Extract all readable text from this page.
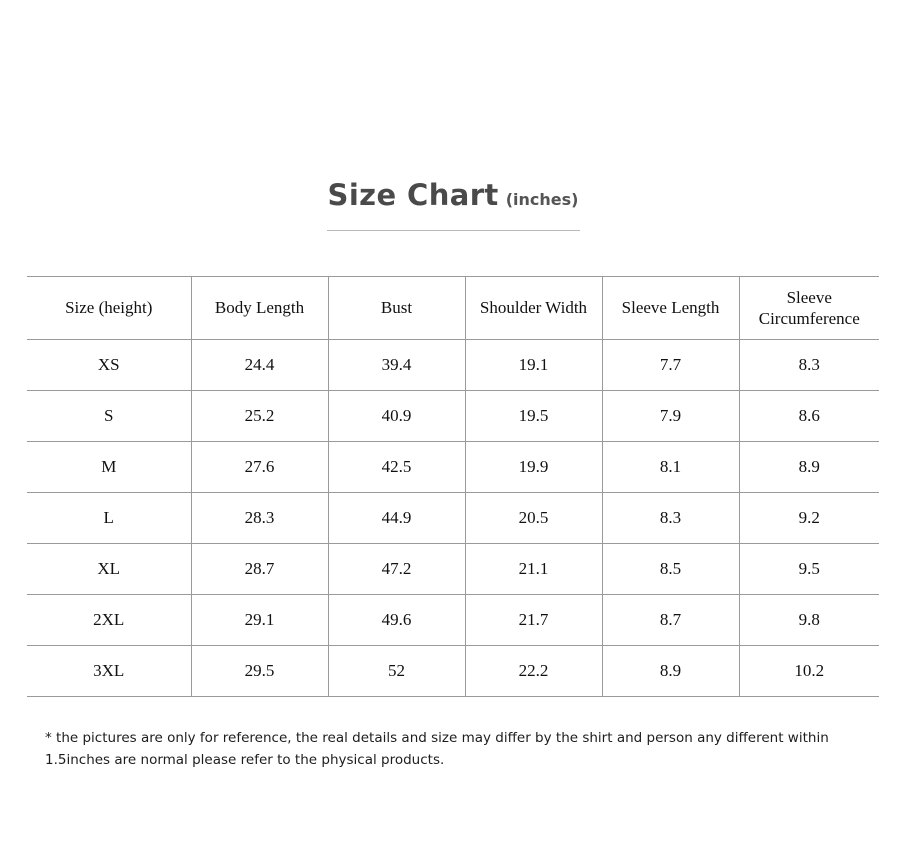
Size Chart (inches)
Size (height)	Body Length	Bust	Shoulder Width	Sleeve Length	Sleeve Circumference
XS	24.4	39.4	19.1	7.7	8.3
S	25.2	40.9	19.5	7.9	8.6
M	27.6	42.5	19.9	8.1	8.9
L	28.3	44.9	20.5	8.3	9.2
XL	28.7	47.2	21.1	8.5	9.5
2XL	29.1	49.6	21.7	8.7	9.8
3XL	29.5	52	22.2	8.9	10.2
* the pictures are only for reference, the real details and size may differ by the shirt and person any different within 1.5inches are normal please refer to the physical products.
